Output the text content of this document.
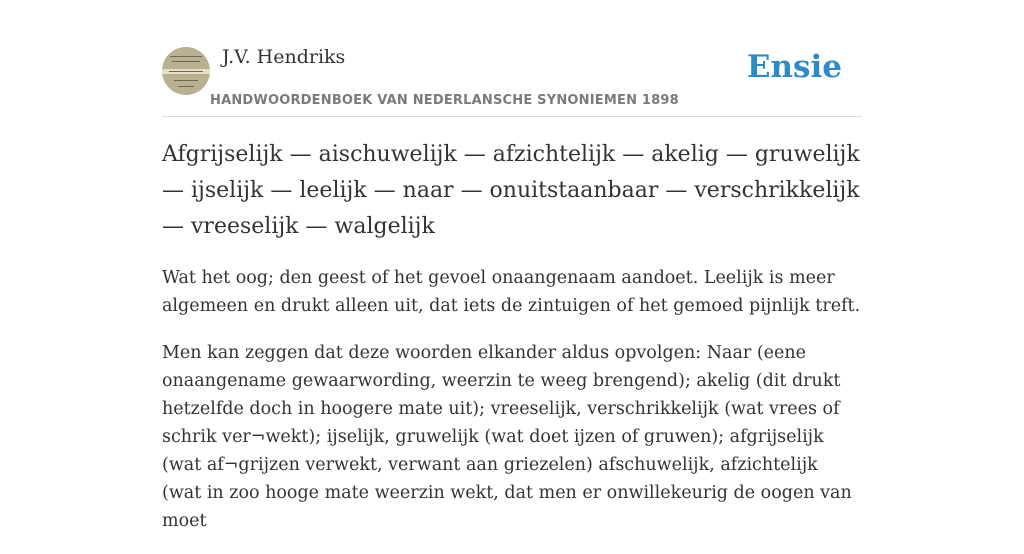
J.V. Hendriks
HANDWOORDENBOEK VAN NEDERLANSCHE SYNONIEMEN 1898
Ensie
Afgrijselijk — aischuwelijk — afzichtelijk — akelig — gruwelijk — ijselijk — leelijk — naar — onuitstaanbaar — verschrikkelijk — vreeselijk — walgelijk

Wat het oog; den geest of het gevoel onaangenaam aandoet. Leelijk is meer algemeen en drukt alleen uit, dat iets de zintuigen of het gemoed pijnlijk treft.

Men kan zeggen dat deze woorden elkander aldus opvolgen: Naar (eene onaangename gewaarwording, weerzin te weeg brengend); akelig (dit drukt hetzelfde doch in hoogere mate uit); vreeselijk, verschrikkelijk (wat vrees of schrik ver¬wekt); ijselijk, gruwelijk (wat doet ijzen of gruwen); afgrijselijk (wat af¬grijzen verwekt, verwant aan griezelen) afschuwelijk, afzichtelijk (wat in zoo hooge mate weerzin wekt, dat men er onwillekeurig de oogen van moet
